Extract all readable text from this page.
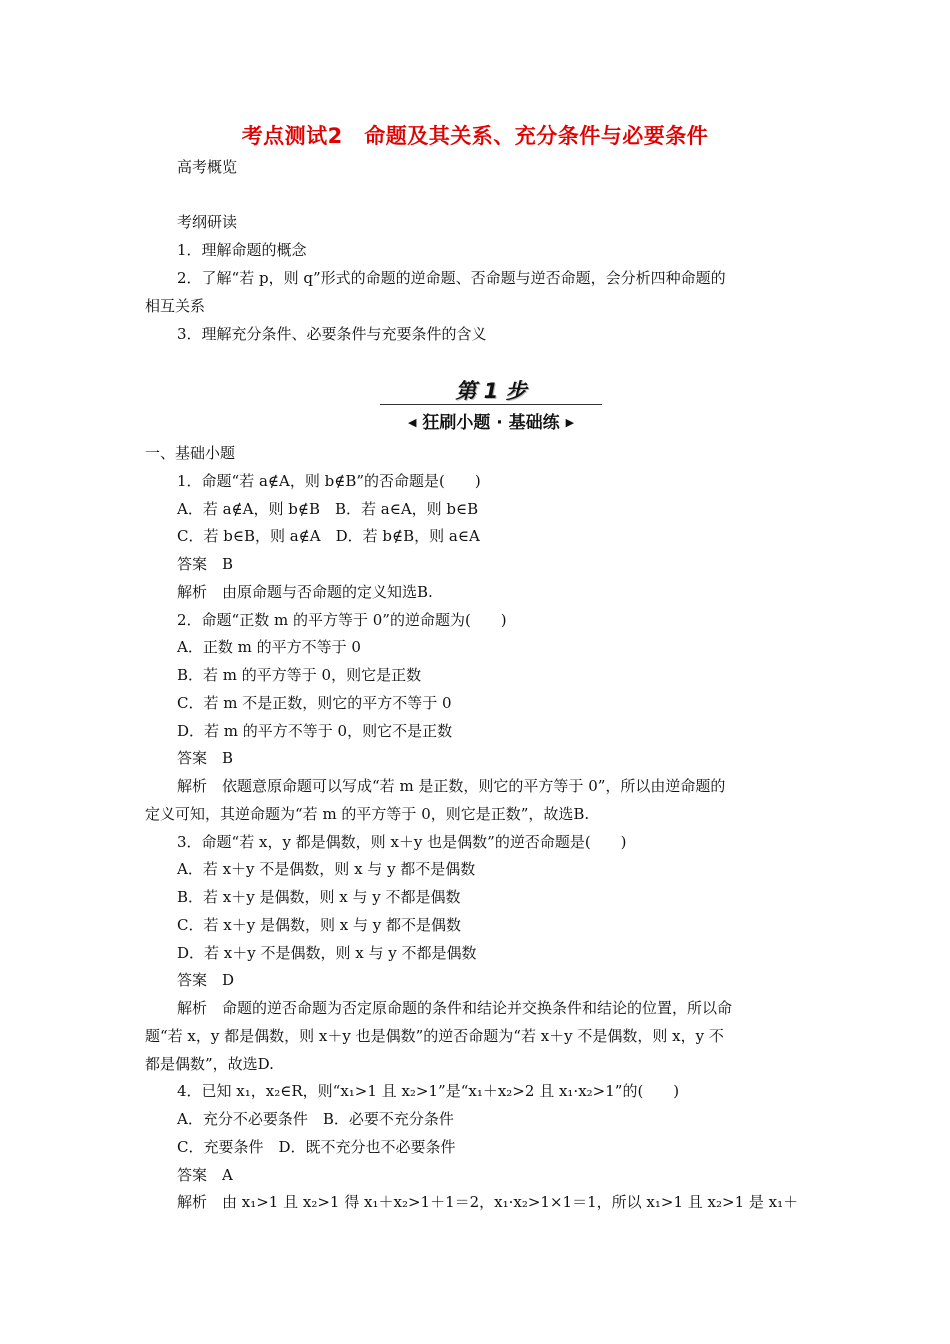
考点测试2　命题及其关系、充分条件与必要条件
高考概览
考纲研读
1．理解命题的概念
2．了解“若 p，则 q”形式的命题的逆命题、否命题与逆否命题，会分析四种命题的
相互关系
3．理解充分条件、必要条件与充要条件的含义
第 1 步
◀ 狂刷小题 · 基础练 ▶
一、基础小题
1．命题“若 a∉A，则 b∉B”的否命题是(　　)
A．若 a∉A，则 b∉B　B．若 a∈A，则 b∈B
C．若 b∈B，则 a∉A　D．若 b∉B，则 a∈A
答案　B
解析　由原命题与否命题的定义知选B.
2．命题“正数 m 的平方等于 0”的逆命题为(　　)
A．正数 m 的平方不等于 0
B．若 m 的平方等于 0，则它是正数
C．若 m 不是正数，则它的平方不等于 0
D．若 m 的平方不等于 0，则它不是正数
答案　B
解析　依题意原命题可以写成“若 m 是正数，则它的平方等于 0”，所以由逆命题的
定义可知，其逆命题为“若 m 的平方等于 0，则它是正数”，故选B.
3．命题“若 x，y 都是偶数，则 x＋y 也是偶数”的逆否命题是(　　)
A．若 x＋y 不是偶数，则 x 与 y 都不是偶数
B．若 x＋y 是偶数，则 x 与 y 不都是偶数
C．若 x＋y 是偶数，则 x 与 y 都不是偶数
D．若 x＋y 不是偶数，则 x 与 y 不都是偶数
答案　D
解析　命题的逆否命题为否定原命题的条件和结论并交换条件和结论的位置，所以命
题“若 x，y 都是偶数，则 x＋y 也是偶数”的逆否命题为“若 x＋y 不是偶数，则 x，y 不
都是偶数”，故选D.
4．已知 x₁，x₂∈R，则“x₁>1 且 x₂>1”是“x₁＋x₂>2 且 x₁·x₂>1”的(　　)
A．充分不必要条件　B．必要不充分条件
C．充要条件　D．既不充分也不必要条件
答案　A
解析　由 x₁>1 且 x₂>1 得 x₁＋x₂>1＋1＝2，x₁·x₂>1×1＝1，所以 x₁>1 且 x₂>1 是 x₁＋
